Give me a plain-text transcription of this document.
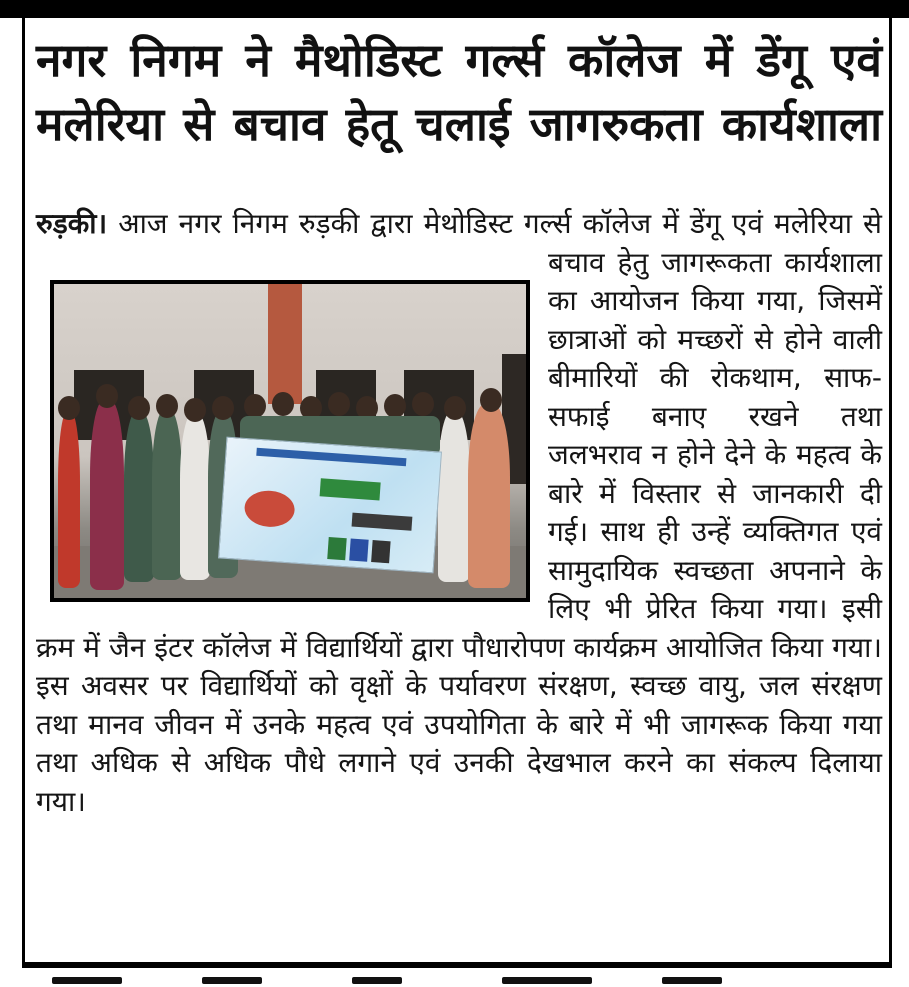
नगर निगम ने मैथोडिस्ट गर्ल्स कॉलेज में डेंगू एवं
मलेरिया से बचाव हेतू चलाई जागरुकता कार्यशाला
रुड़की। आज नगर निगम रुड़की द्वारा मेथोडिस्ट गर्ल्स कॉलेज में डेंगू एवं मलेरिया से बचाव हेतु जागरूकता कार्यशाला
का आयोजन किया गया, जिसमें छात्राओं को मच्छरों से होने वाली बीमारियों की रोकथाम, साफ-सफाई बनाए रखने तथा जलभराव न होने देने के महत्व के बारे में विस्तार से जानकारी दी गई। साथ ही उन्हें व्यक्तिगत एवं सामुदायिक स्वच्छता अपनाने के लिए भी प्रेरित किया गया। इसी क्रम में जैन इंटर कॉलेज में विद्यार्थियों द्वारा पौधारोपण कार्यक्रम आयोजित किया गया। इस अवसर पर विद्यार्थियों को वृक्षों के पर्यावरण संरक्षण, स्वच्छ वायु, जल संरक्षण तथा मानव जीवन में उनके महत्व एवं उपयोगिता के बारे में भी जागरूक किया गया तथा अधिक से अधिक पौधे लगाने एवं उनकी देखभाल करने का संकल्प दिलाया गया।
